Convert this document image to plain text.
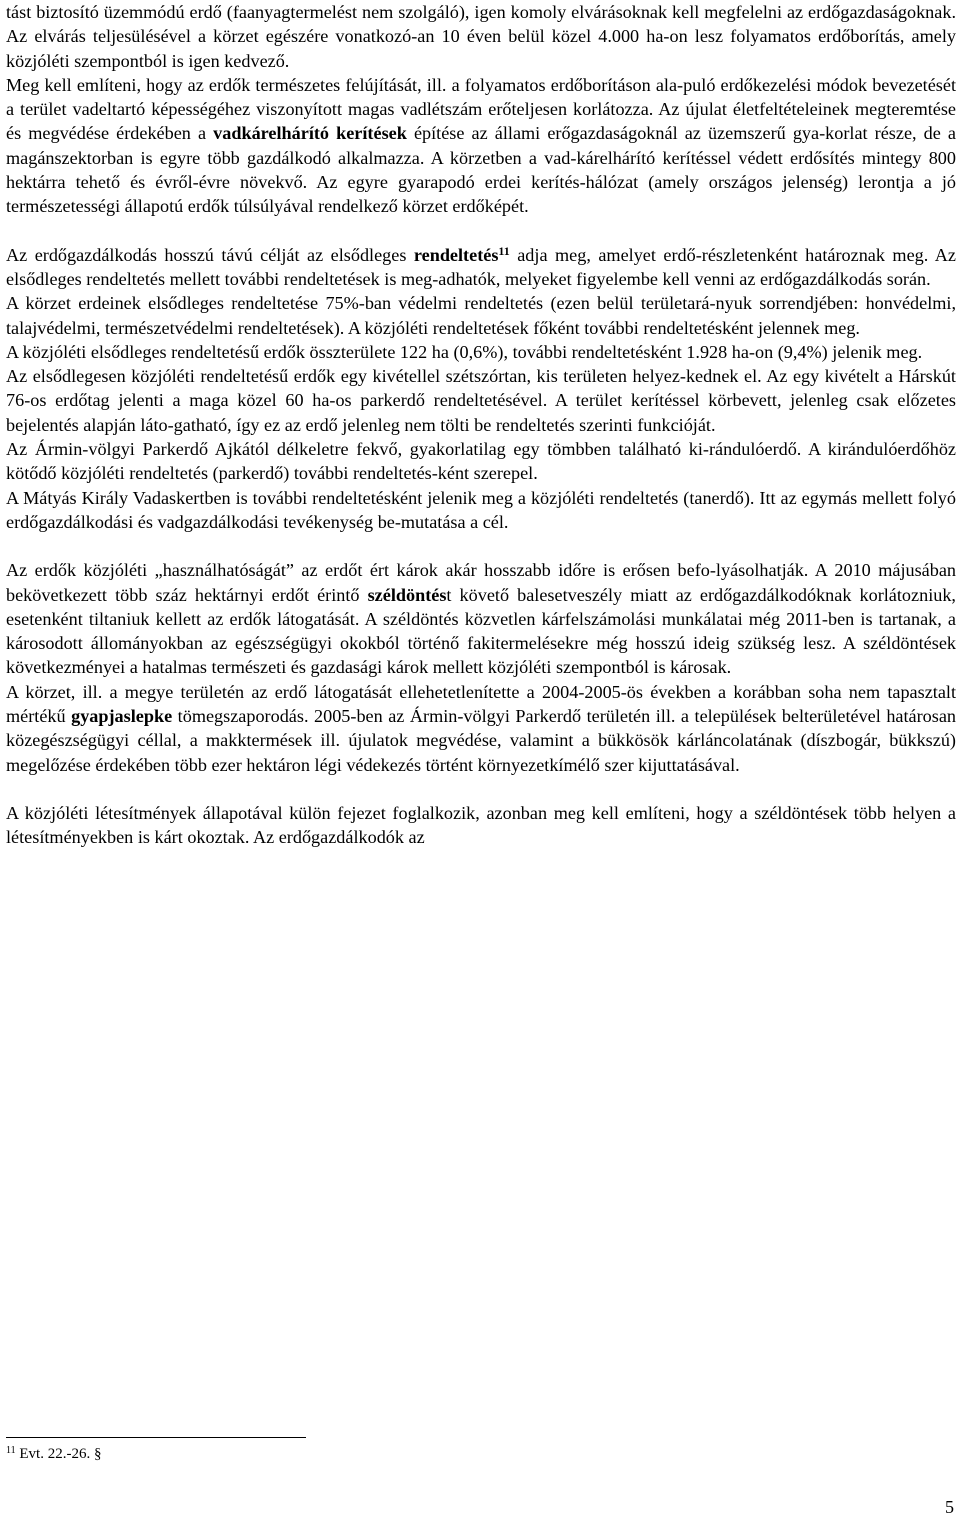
tást biztosító üzemmódú erdő (faanyagtermelést nem szolgáló), igen komoly elvárásoknak kell megfelelni az erdőgazdaságoknak. Az elvárás teljesülésével a körzet egészére vonatkozó-an 10 éven belül közel 4.000 ha-on lesz folyamatos erdőborítás, amely közjóléti szempontból is igen kedvező.

Meg kell említeni, hogy az erdők természetes felújítását, ill. a folyamatos erdőborításon ala-puló erdőkezelési módok bevezetését a terület vadeltartó képességéhez viszonyított magas vadlétszám erőteljesen korlátozza. Az újulat életfeltételeinek megteremtése és megvédése érdekében a vadkárelhárító kerítések építése az állami erőgazdaságoknál az üzemszerű gya-korlat része, de a magánszektorban is egyre több gazdálkodó alkalmazza. A körzetben a vad-kárelhárító kerítéssel védett erdősítés mintegy 800 hektárra tehető és évről-évre növekvő. Az egyre gyarapodó erdei kerítés-hálózat (amely országos jelenség) lerontja a jó természetességi állapotú erdők túlsúlyával rendelkező körzet erdőképét.

Az erdőgazdálkodás hosszú távú célját az elsődleges rendeltetés$^{11}$ adja meg, amelyet erdő-részletenként határoznak meg. Az elsődleges rendeltetés mellett további rendeltetések is meg-adhatók, melyeket figyelembe kell venni az erdőgazdálkodás során.

A körzet erdeinek elsődleges rendeltetése 75%-ban védelmi rendeltetés (ezen belül területará-nyuk sorrendjében: honvédelmi, talajvédelmi, természetvédelmi rendeltetések). A közjóléti rendeltetések főként további rendeltetésként jelennek meg.

A közjóléti elsődleges rendeltetésű erdők összterülete 122 ha (0,6%), további rendeltetésként 1.928 ha-on (9,4%) jelenik meg.

Az elsődlegesen közjóléti rendeltetésű erdők egy kivétellel szétszórtan, kis területen helyez-kednek el. Az egy kivételt a Hárskút 76-os erdőtag jelenti a maga közel 60 ha-os parkerdő rendeltetésével. A terület kerítéssel körbevett, jelenleg csak előzetes bejelentés alapján láto-gatható, így ez az erdő jelenleg nem tölti be rendeltetés szerinti funkcióját.

Az Ármin-völgyi Parkerdő Ajkától délkeletre fekvő, gyakorlatilag egy tömbben található ki-rándulóerdő. A kirándulóerdőhöz kötődő közjóléti rendeltetés (parkerdő) további rendeltetés-ként szerepel.

A Mátyás Király Vadaskertben is további rendeltetésként jelenik meg a közjóléti rendeltetés (tanerdő). Itt az egymás mellett folyó erdőgazdálkodási és vadgazdálkodási tevékenység be-mutatása a cél.

Az erdők közjóléti „használhatóságát” az erdőt ért károk akár hosszabb időre is erősen befo-lyásolhatják. A 2010 májusában bekövetkezett több száz hektárnyi erdőt érintő széldöntést követő balesetveszély miatt az erdőgazdálkodóknak korlátozniuk, esetenként tiltaniuk kellett az erdők látogatását. A széldöntés közvetlen kárfelszámolási munkálatai még 2011-ben is tartanak, a károsodott állományokban az egészségügyi okokból történő fakitermelésekre még hosszú ideig szükség lesz. A széldöntések következményei a hatalmas természeti és gazdasági károk mellett közjóléti szempontból is károsak.

A körzet, ill. a megye területén az erdő látogatását ellehetetlenítette a 2004-2005-ös években a korábban soha nem tapasztalt mértékű gyapjaslepke tömegszaporodás. 2005-ben az Ármin-völgyi Parkerdő területén ill. a települések belterületével határosan közegészségügyi céllal, a makktermések ill. újulatok megvédése, valamint a bükkösök kárláncolatának (díszbogár, bükkszú) megelőzése érdekében több ezer hektáron légi védekezés történt környezetkímélő szer kijuttatásával.

A közjóléti létesítmények állapotával külön fejezet foglalkozik, azonban meg kell említeni, hogy a széldöntések több helyen a létesítményekben is kárt okoztak. Az erdőgazdálkodók az

$^{11}$ Evt. 22.-26. §
5
